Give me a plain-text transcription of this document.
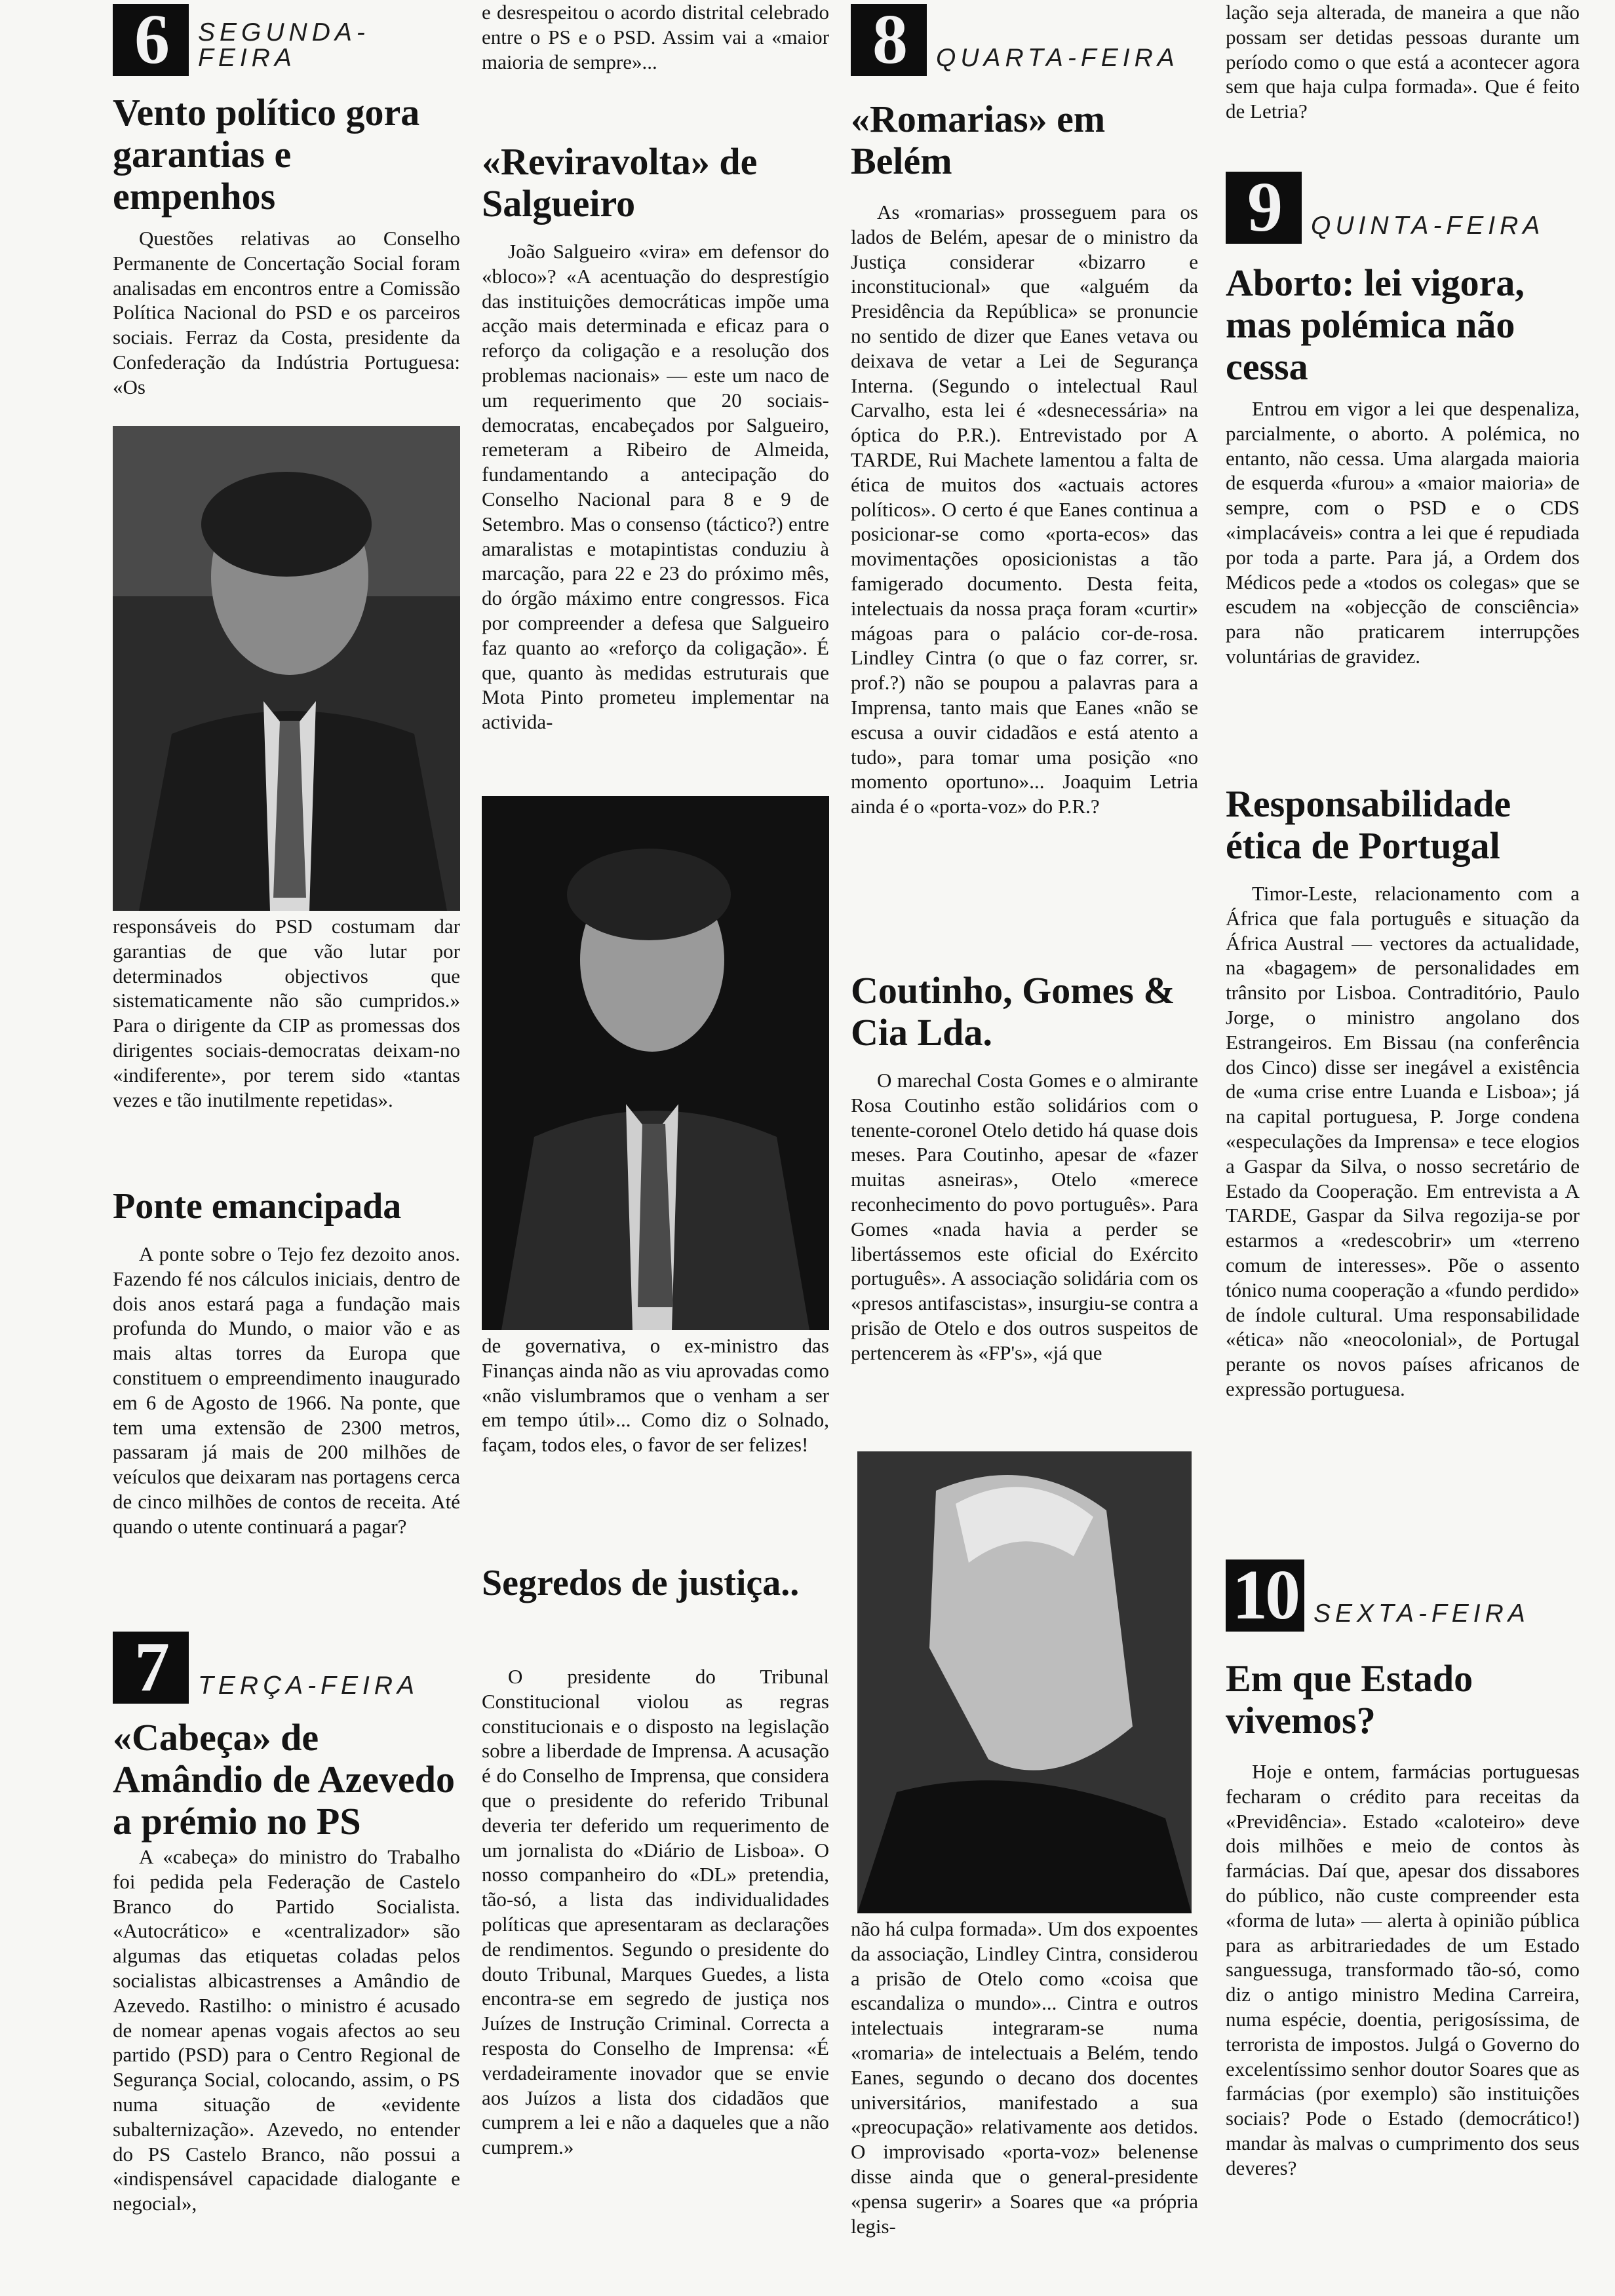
6	SEGUNDA-FEIRA
Vento político gora garantias e empenhos

Questões relativas ao Conselho Permanente de Concertação Social foram analisadas em encontros entre a Comissão Política Nacional do PSD e os parceiros sociais. Ferraz da Costa, presidente da Confederação da Indústria Portuguesa: «Os

responsáveis do PSD costumam dar garantias de que vão lutar por determinados objectivos que sistematicamente não são cumpridos.» Para o dirigente da CIP as promessas dos dirigentes sociais-democratas deixam-no «indiferente», por terem sido «tantas vezes e tão inutilmente repetidas».

Ponte emancipada

A ponte sobre o Tejo fez dezoito anos. Fazendo fé nos cálculos iniciais, dentro de dois anos estará paga a fundação mais profunda do Mundo, o maior vão e as mais altas torres da Europa que constituem o empreendimento inaugurado em 6 de Agosto de 1966. Na ponte, que tem uma extensão de 2300 metros, passaram já mais de 200 milhões de veículos que deixaram nas portagens cerca de cinco milhões de contos de receita. Até quando o utente continuará a pagar?

7	TERÇA-FEIRA
«Cabeça» de Amândio de Azevedo a prémio no PS

A «cabeça» do ministro do Trabalho foi pedida pela Federação de Castelo Branco do Partido Socialista. «Autocrático» e «centralizador» são algumas das etiquetas coladas pelos socialistas albicastrenses a Amândio de Azevedo. Rastilho: o ministro é acusado de nomear apenas vogais afectos ao seu partido (PSD) para o Centro Regional de Segurança Social, colocando, assim, o PS numa situação de «evidente subalternização». Azevedo, no entender do PS Castelo Branco, não possui a «indispensável capacidade dialogante e negocial»,

e desrespeitou o acordo distrital celebrado entre o PS e o PSD. Assim vai a «maior maioria de sempre»...

«Reviravolta» de Salgueiro

João Salgueiro «vira» em defensor do «bloco»? «A acentuação do desprestígio das instituições democráticas impõe uma acção mais determinada e eficaz para o reforço da coligação e a resolução dos problemas nacionais» — este um naco de um requerimento que 20 sociais-democratas, encabeçados por Salgueiro, remeteram a Ribeiro de Almeida, fundamentando a antecipação do Conselho Nacional para 8 e 9 de Setembro. Mas o consenso (táctico?) entre amaralistas e motapintistas conduziu à marcação, para 22 e 23 do próximo mês, do órgão máximo entre congressos. Fica por compreender a defesa que Salgueiro faz quanto ao «reforço da coligação». É que, quanto às medidas estruturais que Mota Pinto prometeu implementar na activida-

de governativa, o ex-ministro das Finanças ainda não as viu aprovadas como «não vislumbramos que o venham a ser em tempo útil»... Como diz o Solnado, façam, todos eles, o favor de ser felizes!

Segredos de justiça..

O presidente do Tribunal Constitucional violou as regras constitucionais e o disposto na legislação sobre a liberdade de Imprensa. A acusação é do Conselho de Imprensa, que considera que o presidente do referido Tribunal deveria ter deferido um requerimento de um jornalista do «Diário de Lisboa». O nosso companheiro do «DL» pretendia, tão-só, a lista das individualidades políticas que apresentaram as declarações de rendimentos. Segundo o presidente do douto Tribunal, Marques Guedes, a lista encontra-se em segredo de justiça nos Juízes de Instrução Criminal. Correcta a resposta do Conselho de Imprensa: «É verdadeiramente inovador que se envie aos Juízos a lista dos cidadãos que cumprem a lei e não a daqueles que a não cumprem.»

8	QUARTA-FEIRA
«Romarias» em Belém

As «romarias» prosseguem para os lados de Belém, apesar de o ministro da Justiça considerar «bizarro e inconstitucional» que «alguém da Presidência da República» se pronuncie no sentido de dizer que Eanes vetava ou deixava de vetar a Lei de Segurança Interna. (Segundo o intelectual Raul Carvalho, esta lei é «desnecessária» na óptica do P.R.). Entrevistado por A TARDE, Rui Machete lamentou a falta de ética de muitos dos «actuais actores políticos». O certo é que Eanes continua a posicionar-se como «porta-ecos» das movimentações oposicionistas a tão famigerado documento. Desta feita, intelectuais da nossa praça foram «curtir» mágoas para o palácio cor-de-rosa. Lindley Cintra (o que o faz correr, sr. prof.?) não se poupou a palavras para a Imprensa, tanto mais que Eanes «não se escusa a ouvir cidadãos e está atento a tudo», para tomar uma posição «no momento oportuno»... Joaquim Letria ainda é o «porta-voz» do P.R.?

Coutinho, Gomes & Cia Lda.

O marechal Costa Gomes e o almirante Rosa Coutinho estão solidários com o tenente-coronel Otelo detido há quase dois meses. Para Coutinho, apesar de «fazer muitas asneiras», Otelo «merece reconhecimento do povo português». Para Gomes «nada havia a perder se libertássemos este oficial do Exército português». A associação solidária com os «presos antifascistas», insurgiu-se contra a prisão de Otelo e dos outros suspeitos de pertencerem às «FP's», «já que

não há culpa formada». Um dos expoentes da associação, Lindley Cintra, considerou a prisão de Otelo como «coisa que escandaliza o mundo»... Cintra e outros intelectuais integraram-se numa «romaria» de intelectuais a Belém, tendo Eanes, segundo o decano dos docentes universitários, manifestado a sua «preocupação» relativamente aos detidos. O improvisado «porta-voz» belenense disse ainda que o general-presidente «pensa sugerir» a Soares que «a própria legis-

lação seja alterada, de maneira a que não possam ser detidas pessoas durante um período como o que está a acontecer agora sem que haja culpa formada». Que é feito de Letria?

9	QUINTA-FEIRA
Aborto: lei vigora, mas polémica não cessa

Entrou em vigor a lei que despenaliza, parcialmente, o aborto. A polémica, no entanto, não cessa. Uma alargada maioria de esquerda «furou» a «maior maioria» de sempre, com o PSD e o CDS «implacáveis» contra a lei que é repudiada por toda a parte. Para já, a Ordem dos Médicos pede a «todos os colegas» que se escudem na «objecção de consciência» para não praticarem interrupções voluntárias de gravidez.

Responsabilidade ética de Portugal

Timor-Leste, relacionamento com a África que fala português e situação da África Austral — vectores da actualidade, na «bagagem» de personalidades em trânsito por Lisboa. Contraditório, Paulo Jorge, o ministro angolano dos Estrangeiros. Em Bissau (na conferência dos Cinco) disse ser inegável a existência de «uma crise entre Luanda e Lisboa»; já na capital portuguesa, P. Jorge condena «especulações da Imprensa» e tece elogios a Gaspar da Silva, o nosso secretário de Estado da Cooperação. Em entrevista a A TARDE, Gaspar da Silva regozija-se por estarmos a «redescobrir» um «terreno comum de interesses». Põe o assento tónico numa cooperação a «fundo perdido» de índole cultural. Uma responsabilidade «ética» não «neocolonial», de Portugal perante os novos países africanos de expressão portuguesa.

10 SEXTA-FEIRA
Em que Estado vivemos?

Hoje e ontem, farmácias portuguesas fecharam o crédito para receitas da «Previdência». Estado «caloteiro» deve dois milhões e meio de contos às farmácias. Daí que, apesar dos dissabores do público, não custe compreender esta «forma de luta» — alerta à opinião pública para as arbitrariedades de um Estado sanguessuga, transformado tão-só, como diz o antigo ministro Medina Carreira, numa espécie, doentia, perigosíssima, de terrorista de impostos. Julgá o Governo do excelentíssimo senhor doutor Soares que as farmácias (por exemplo) são instituições sociais? Pode o Estado (democrático!) mandar às malvas o cumprimento dos seus deveres?
